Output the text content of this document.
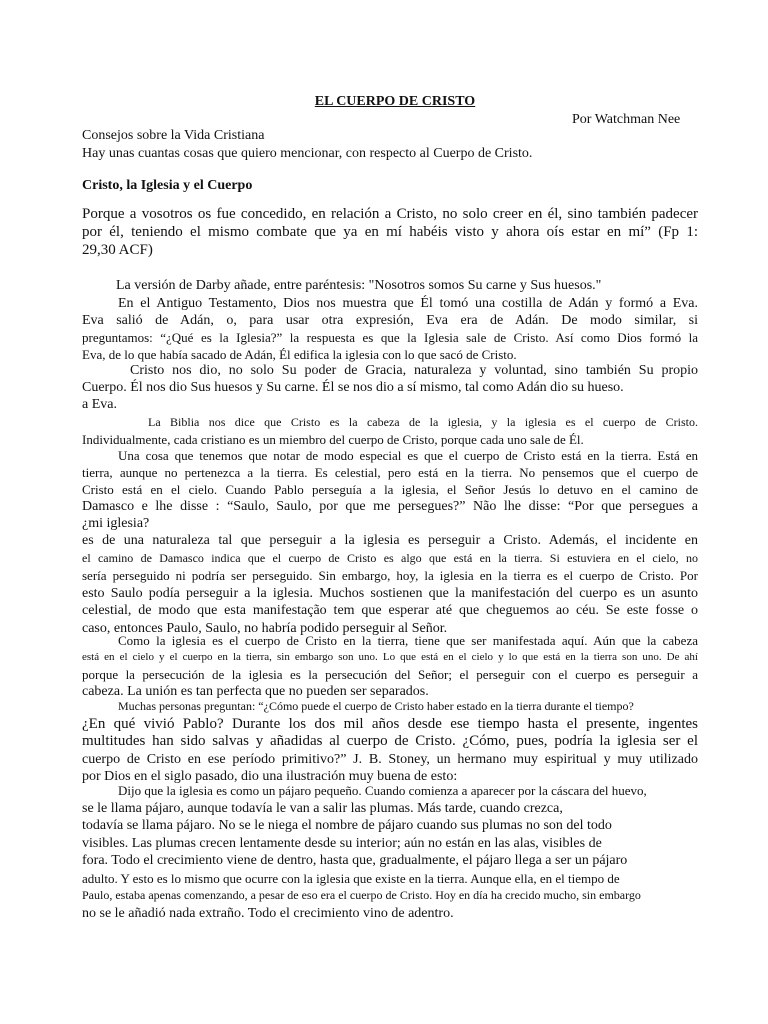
EL CUERPO DE CRISTO
Por Watchman Nee
Consejos sobre la Vida Cristiana
Hay unas cuantas cosas que quiero mencionar, con respecto al Cuerpo de Cristo.
Cristo, la Iglesia y el Cuerpo
Porque a vosotros os fue concedido, en relación a Cristo, no solo creer en él, sino también padecer
por él, teniendo el mismo combate que ya en mí habéis visto y ahora oís estar en mí” (Fp 1:
29,30 ACF)
La versión de Darby añade, entre paréntesis: "Nosotros somos Su carne y Sus huesos."
En el Antiguo Testamento, Dios nos muestra que Él tomó una costilla de Adán y formó a Eva.
Eva salió de Adán, o, para usar otra expresión, Eva era de Adán. De modo similar, si
preguntamos: “¿Qué es la Iglesia?” la respuesta es que la Iglesia sale de Cristo. Así como Dios formó la
Eva, de lo que había sacado de Adán, Él edifica la iglesia con lo que sacó de Cristo.
Cristo nos dio, no solo Su poder de Gracia, naturaleza y voluntad, sino también Su propio
Cuerpo. Él nos dio Sus huesos y Su carne. Él se nos dio a sí mismo, tal como Adán dio su hueso.
a Eva.
La Biblia nos dice que Cristo es la cabeza de la iglesia, y la iglesia es el cuerpo de Cristo.
Individualmente, cada cristiano es un miembro del cuerpo de Cristo, porque cada uno sale de Él.
Una cosa que tenemos que notar de modo especial es que el cuerpo de Cristo está en la tierra. Está en
tierra, aunque no pertenezca a la tierra. Es celestial, pero está en la tierra. No pensemos que el cuerpo de
Cristo está en el cielo. Cuando Pablo perseguía a la iglesia, el Señor Jesús lo detuvo en el camino de
Damasco e lhe disse : “Saulo, Saulo, por que me persegues?” Não lhe disse: “Por que persegues a
¿mi iglesia?
es de una naturaleza tal que perseguir a la iglesia es perseguir a Cristo. Además, el incidente en
el camino de Damasco indica que el cuerpo de Cristo es algo que está en la tierra. Si estuviera en el cielo, no
sería perseguido ni podría ser perseguido. Sin embargo, hoy, la iglesia en la tierra es el cuerpo de Cristo. Por
esto Saulo podía perseguir a la iglesia. Muchos sostienen que la manifestación del cuerpo es un asunto
celestial, de modo que esta manifestação tem que esperar até que cheguemos ao céu. Se este fosse o
caso, entonces Paulo, Saulo, no habría podido perseguir al Señor.
Como la iglesia es el cuerpo de Cristo en la tierra, tiene que ser manifestada aquí. Aún que la cabeza
está en el cielo y el cuerpo en la tierra, sin embargo son uno. Lo que está en el cielo y lo que está en la tierra son uno. De ahí
porque la persecución de la iglesia es la persecución del Señor; el perseguir con el cuerpo es perseguir a
cabeza. La unión es tan perfecta que no pueden ser separados.
Muchas personas preguntan: “¿Cómo puede el cuerpo de Cristo haber estado en la tierra durante el tiempo?
¿En qué vivió Pablo? Durante los dos mil años desde ese tiempo hasta el presente, ingentes
multitudes han sido salvas y añadidas al cuerpo de Cristo. ¿Cómo, pues, podría la iglesia ser el
cuerpo de Cristo en ese período primitivo?” J. B. Stoney, un hermano muy espiritual y muy utilizado
por Dios en el siglo pasado, dio una ilustración muy buena de esto:
Dijo que la iglesia es como un pájaro pequeño. Cuando comienza a aparecer por la cáscara del huevo,
se le llama pájaro, aunque todavía le van a salir las plumas. Más tarde, cuando crezca,
todavía se llama pájaro. No se le niega el nombre de pájaro cuando sus plumas no son del todo
visibles. Las plumas crecen lentamente desde su interior; aún no están en las alas, visibles de
fora. Todo el crecimiento viene de dentro, hasta que, gradualmente, el pájaro llega a ser un pájaro
adulto. Y esto es lo mismo que ocurre con la iglesia que existe en la tierra. Aunque ella, en el tiempo de
Paulo, estaba apenas comenzando, a pesar de eso era el cuerpo de Cristo. Hoy en día ha crecido mucho, sin embargo
no se le añadió nada extraño. Todo el crecimiento vino de adentro.
